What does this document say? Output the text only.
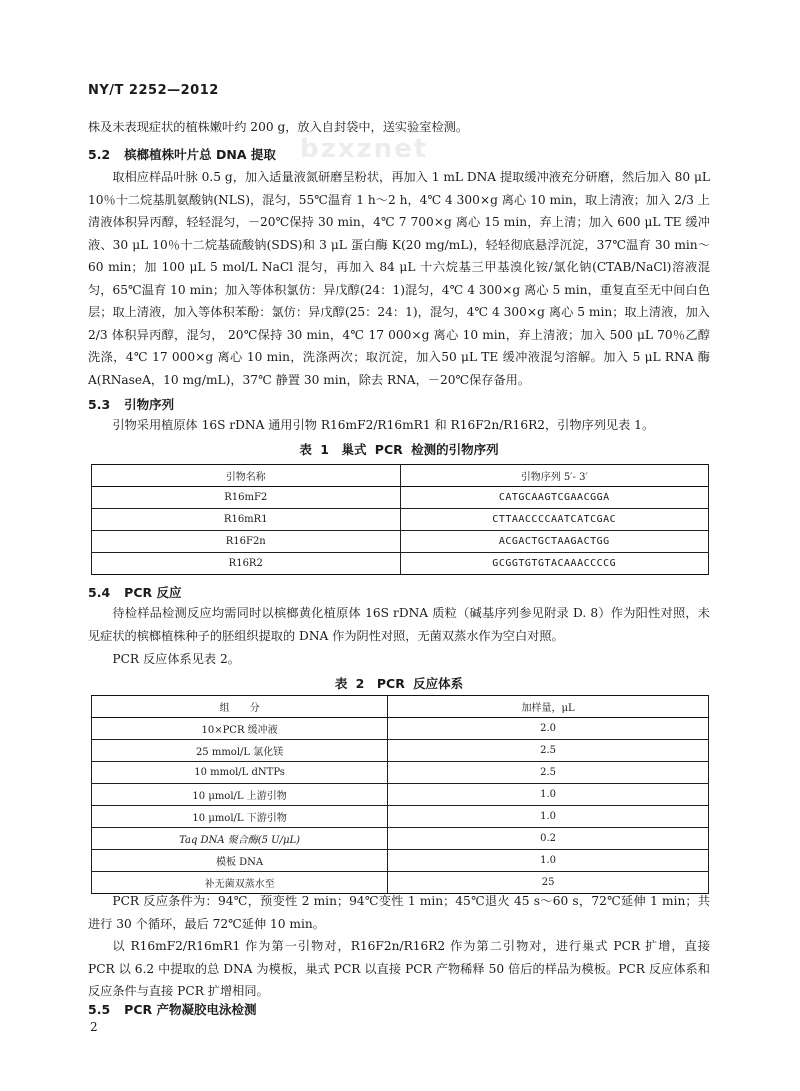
bzxznet
NY/T 2252—2012
株及未表现症状的植株嫩叶约 200 g，放入自封袋中，送实验室检测。
5.2 槟榔植株叶片总 DNA 提取
取相应样品叶脉 0.5 g，加入适量液氮研磨呈粉状，再加入 1 mL DNA 提取缓冲液充分研磨，然后加入 80 μL 10％十二烷基肌氨酸钠(NLS)，混匀，55℃温育 1 h～2 h，4℃ 4 300×g 离心 10 min，取上清液；加入 2/3 上清液体积异丙醇，轻轻混匀，－20℃保持 30 min，4℃ 7 700×g 离心 15 min，弃上清；加入 600 μL TE 缓冲液、30 μL 10％十二烷基硫酸钠(SDS)和 3 μL 蛋白酶 K(20 mg/mL)，轻轻彻底悬浮沉淀，37℃温育 30 min～60 min；加 100 μL 5 mol/L NaCl 混匀，再加入 84 μL 十六烷基三甲基溴化铵/氯化钠(CTAB/NaCl)溶液混匀，65℃温育 10 min；加入等体积氯仿：异戊醇(24：1)混匀，4℃ 4 300×g 离心 5 min，重复直至无中间白色层；取上清液，加入等体积苯酚：氯仿：异戊醇(25：24：1)，混匀，4℃ 4 300×g 离心 5 min；取上清液，加入 2/3 体积异丙醇，混匀， 20℃保持 30 min，4℃ 17 000×g 离心 10 min，弃上清液；加入 500 μL 70％乙醇洗涤，4℃ 17 000×g 离心 10 min，洗涤两次；取沉淀，加入50 μL TE 缓冲液混匀溶解。加入 5 μL RNA 酶 A(RNaseA，10 mg/mL)，37℃ 静置 30 min，除去 RNA，－20℃保存备用。
5.3 引物序列
引物采用植原体 16S rDNA 通用引物 R16mF2/R16mR1 和 R16F2n/R16R2，引物序列见表 1。
表 1　巢式 PCR 检测的引物序列
引物名称	引物序列 5′- 3′
R16mF2	CATGCAAGTCGAACGGA
R16mR1	CTTAACCCCAATCATCGAC
R16F2n	ACGACTGCTAAGACTGG
R16R2	GCGGTGTGTACAAACCCCG
5.4 PCR 反应
待检样品检测反应均需同时以槟榔黄化植原体 16S rDNA 质粒（碱基序列参见附录 D. 8）作为阳性对照，未见症状的槟榔植株种子的胚组织提取的 DNA 作为阴性对照，无菌双蒸水作为空白对照。
PCR 反应体系见表 2。
表 2　PCR 反应体系
组　　分	加样量，μL
10×PCR 缓冲液	2.0
25 mmol/L 氯化镁	2.5
10 mmol/L dNTPs	2.5
10 μmol/L 上游引物	1.0
10 μmol/L 下游引物	1.0
Taq DNA 聚合酶(5 U/μL)	0.2
模板 DNA	1.0
补无菌双蒸水至	25
PCR 反应条件为：94℃，预变性 2 min；94℃变性 1 min；45℃退火 45 s～60 s，72℃延伸 1 min；共进行 30 个循环，最后 72℃延伸 10 min。
以 R16mF2/R16mR1 作为第一引物对，R16F2n/R16R2 作为第二引物对，进行巢式 PCR 扩增，直接 PCR 以 6.2 中提取的总 DNA 为模板，巢式 PCR 以直接 PCR 产物稀释 50 倍后的样品为模板。PCR 反应体系和反应条件与直接 PCR 扩增相同。
5.5 PCR 产物凝胶电泳检测
2
